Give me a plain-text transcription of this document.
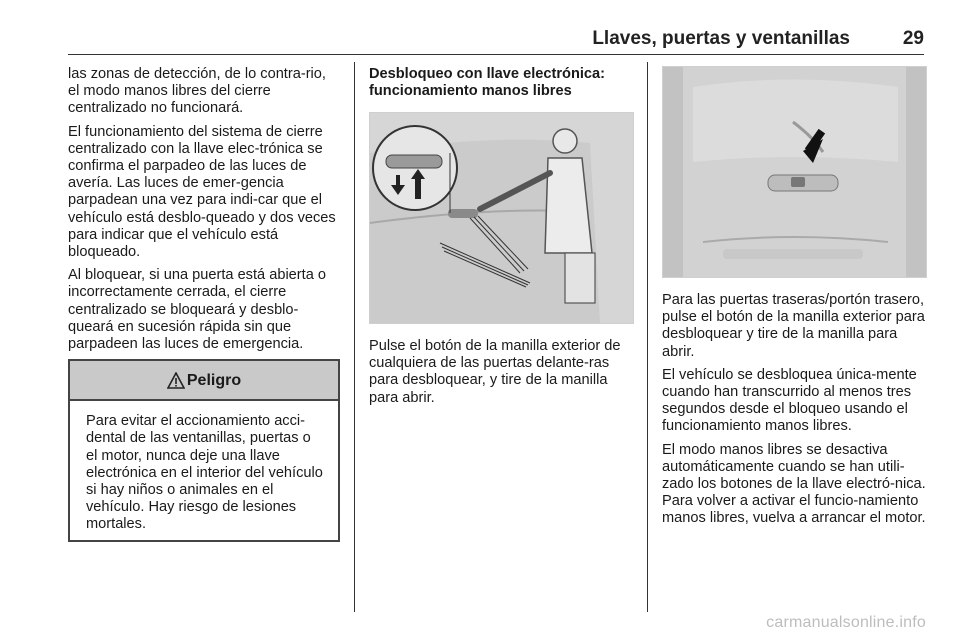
Llaves, puertas y ventanillas	29

las zonas de detección, de lo contra-rio, el modo manos libres del cierre centralizado no funcionará.

El funcionamiento del sistema de cierre centralizado con la llave elec-trónica se confirma el parpadeo de las luces de avería. Las luces de emer-gencia parpadean una vez para indi-car que el vehículo está desblo-queado y dos veces para indicar que el vehículo está bloqueado.

Al bloquear, si una puerta está abierta o incorrectamente cerrada, el cierre centralizado se bloqueará y desblo-queará en sucesión rápida sin que parpadeen las luces de emergencia.

Peligro
Para evitar el accionamiento acci-dental de las ventanillas, puertas o el motor, nunca deje una llave electrónica en el interior del vehículo si hay niños o animales en el vehículo. Hay riesgo de lesiones mortales.
Desbloqueo con llave electrónica: funcionamiento manos libres

Pulse el botón de la manilla exterior de cualquiera de las puertas delante-ras para desbloquear, y tire de la manilla para abrir.

Para las puertas traseras/portón trasero, pulse el botón de la manilla exterior para desbloquear y tire de la manilla para abrir.

El vehículo se desbloquea única-mente cuando han transcurrido al menos tres segundos desde el bloqueo usando el funcionamiento manos libres.

El modo manos libres se desactiva automáticamente cuando se han utili-zado los botones de la llave electró-nica. Para volver a activar el funcio-namiento manos libres, vuelva a arrancar el motor.

carmanualsonline.info
